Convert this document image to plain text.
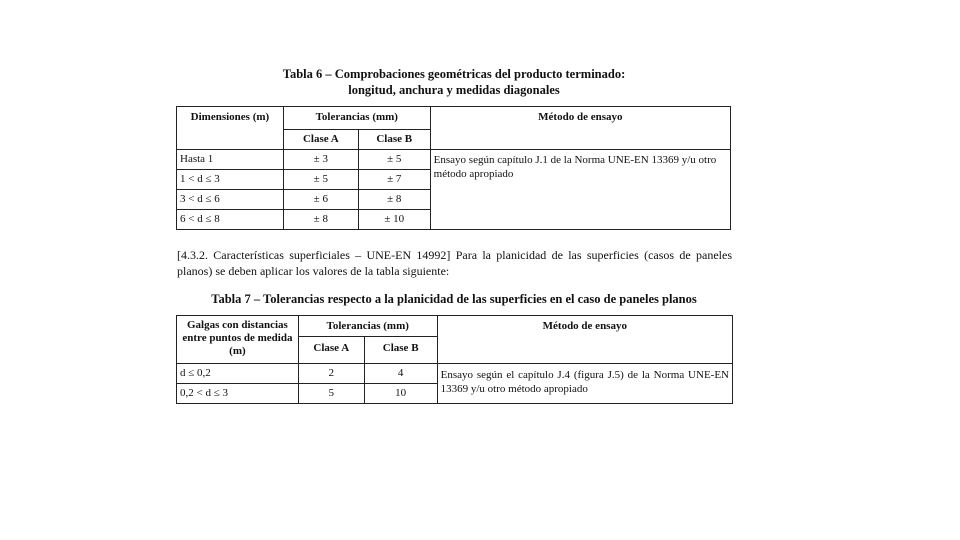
Tabla 6 – Comprobaciones geométricas del producto terminado:
longitud, anchura y medidas diagonales
Dimensiones (m)	Tolerancias (mm)		Método de ensayo
	Clase A	Clase B	
Hasta 1	± 3	± 5	Ensayo según capítulo J.1 de la Norma UNE-EN 13369 y/u otro método apropiado
1 < d ≤ 3	± 5	± 7	
3 < d ≤ 6	± 6	± 8	
6 < d ≤ 8	± 8	± 10	
[4.3.2. Características superficiales – UNE-EN 14992] Para la planicidad de las superficies (casos de paneles planos) se deben aplicar los valores de la tabla siguiente:
Tabla 7 – Tolerancias respecto a la planicidad de las superficies en el caso de paneles planos
Galgas con distancias entre puntos de medida (m)	Tolerancias (mm)		Método de ensayo
	Clase A	Clase B	
d ≤ 0,2	2	4	Ensayo según el capítulo J.4 (figura J.5) de la Norma UNE-EN 13369 y/u otro método apropiado
0,2 < d ≤ 3	5	10	
